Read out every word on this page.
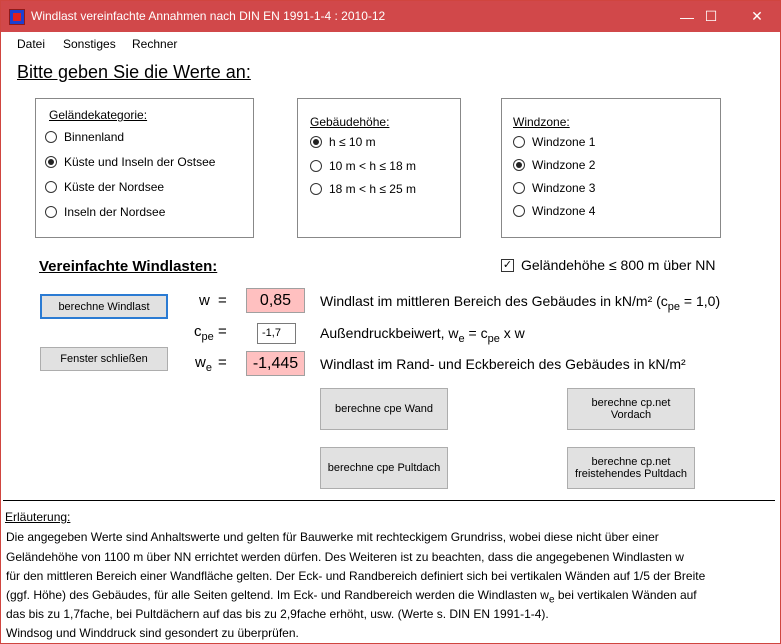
Windlast vereinfachte Annahmen nach DIN EN 1991-1-4 : 2010-12	— ☐	✕
Datei Sonstiges Rechner
Bitte geben Sie die Werte an:
Geländekategorie:
Binnenland
Küste und Inseln der Ostsee
Küste der Nordsee
Inseln der Nordsee
Gebäudehöhe:
h ≤ 10 m
10 m < h ≤ 18 m
18 m < h ≤ 25 m
Windzone:
Windzone 1
Windzone 2
Windzone 3
Windzone 4
Vereinfachte Windlasten:	✓ Geländehöhe ≤ 800 m über NN
berechne Windlast
Fenster schließen
w =	0,85	Windlast im mittleren Bereich des Gebäudes in kN/m² $(c_{pe} = 1,0)$
$c_{pe}$ =	-1,7	Außendruckbeiwert, $w_e = c_{pe}$ x w
$w_e$ =	-1,445	Windlast im Rand- und Eckbereich des Gebäudes in kN/m²
berechne cpe Wand
berechne cpe Pultdach
berechne cp.net
Vordach
berechne cp.net
freistehendes Pultdach
Erläuterung:
Die angegeben Werte sind Anhaltswerte und gelten für Bauwerke mit rechteckigem Grundriss, wobei diese nicht über einer
Geländehöhe von 1100 m über NN errichtet werden dürfen. Des Weiteren ist zu beachten, dass die angegebenen Windlasten w
für den mittleren Bereich einer Wandfläche gelten. Der Eck- und Randbereich definiert sich bei vertikalen Wänden auf 1/5 der Breite
(ggf. Höhe) des Gebäudes, für alle Seiten geltend. Im Eck- und Randbereich werden die Windlasten $w_e$ bei vertikalen Wänden auf
das bis zu 1,7fache, bei Pultdächern auf das bis zu 2,9fache erhöht, usw. (Werte s. DIN EN 1991-1-4).
Windsog und Winddruck sind gesondert zu überprüfen.
